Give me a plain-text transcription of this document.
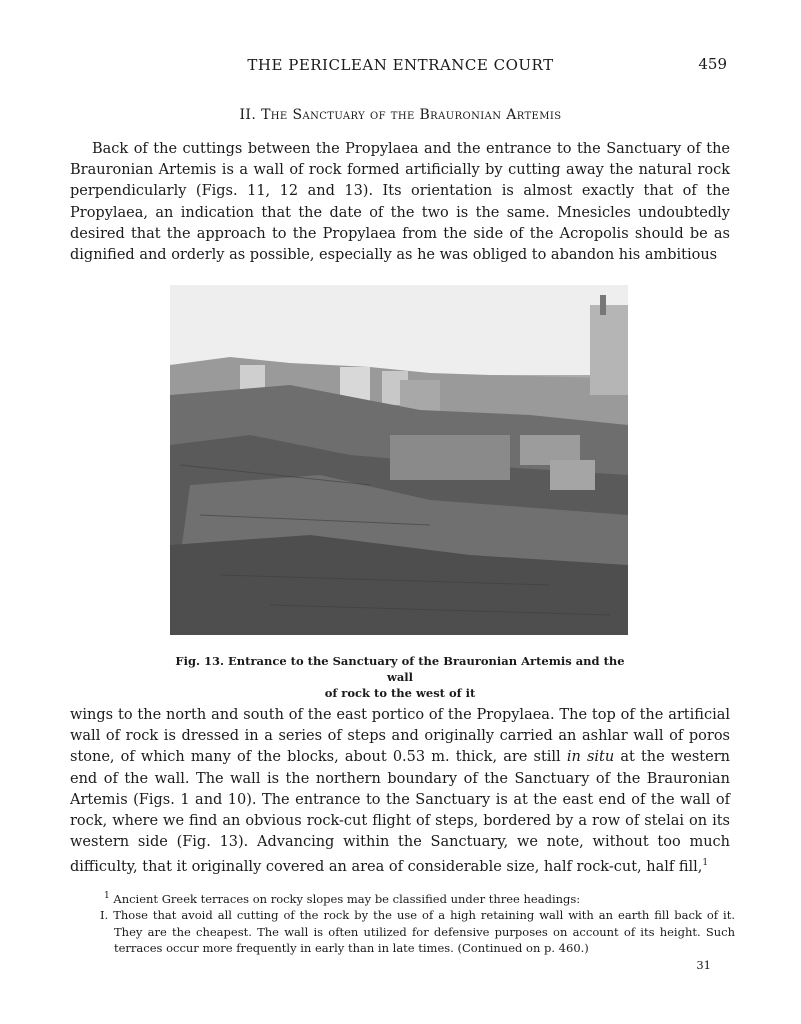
THE PERICLEAN ENTRANCE COURT	459
II. The Sanctuary of the Brauronian Artemis
Back of the cuttings between the Propylaea and the entrance to the Sanctuary of the Brauronian Artemis is a wall of rock formed artificially by cutting away the natural rock perpendicularly (Figs. 11, 12 and 13). Its orientation is almost exactly that of the Propylaea, an indication that the date of the two is the same. Mnesicles undoubtedly desired that the approach to the Propylaea from the side of the Acropolis should be as dignified and orderly as possible, especially as he was obliged to abandon his ambitious
Fig. 13. Entrance to the Sanctuary of the Brauronian Artemis and the wall
of rock to the west of it
wings to the north and south of the east portico of the Propylaea. The top of the artificial wall of rock is dressed in a series of steps and originally carried an ashlar wall of poros stone, of which many of the blocks, about 0.53 m. thick, are still in situ at the western end of the wall. The wall is the northern boundary of the Sanctuary of the Brauronian Artemis (Figs. 1 and 10). The entrance to the Sanctuary is at the east end of the wall of rock, where we find an obvious rock-cut flight of steps, bordered by a row of stelai on its western side (Fig. 13). Advancing within the Sanctuary, we note, without too much difficulty, that it originally covered an area of considerable size, half rock-cut, half fill,$^1$
$^1$ Ancient Greek terraces on rocky slopes may be classified under three headings:
I. Those that avoid all cutting of the rock by the use of a high retaining wall with an earth fill back of it. They are the cheapest. The wall is often utilized for defensive purposes on account of its height. Such terraces occur more frequently in early than in late times. (Continued on p. 460.)
31
